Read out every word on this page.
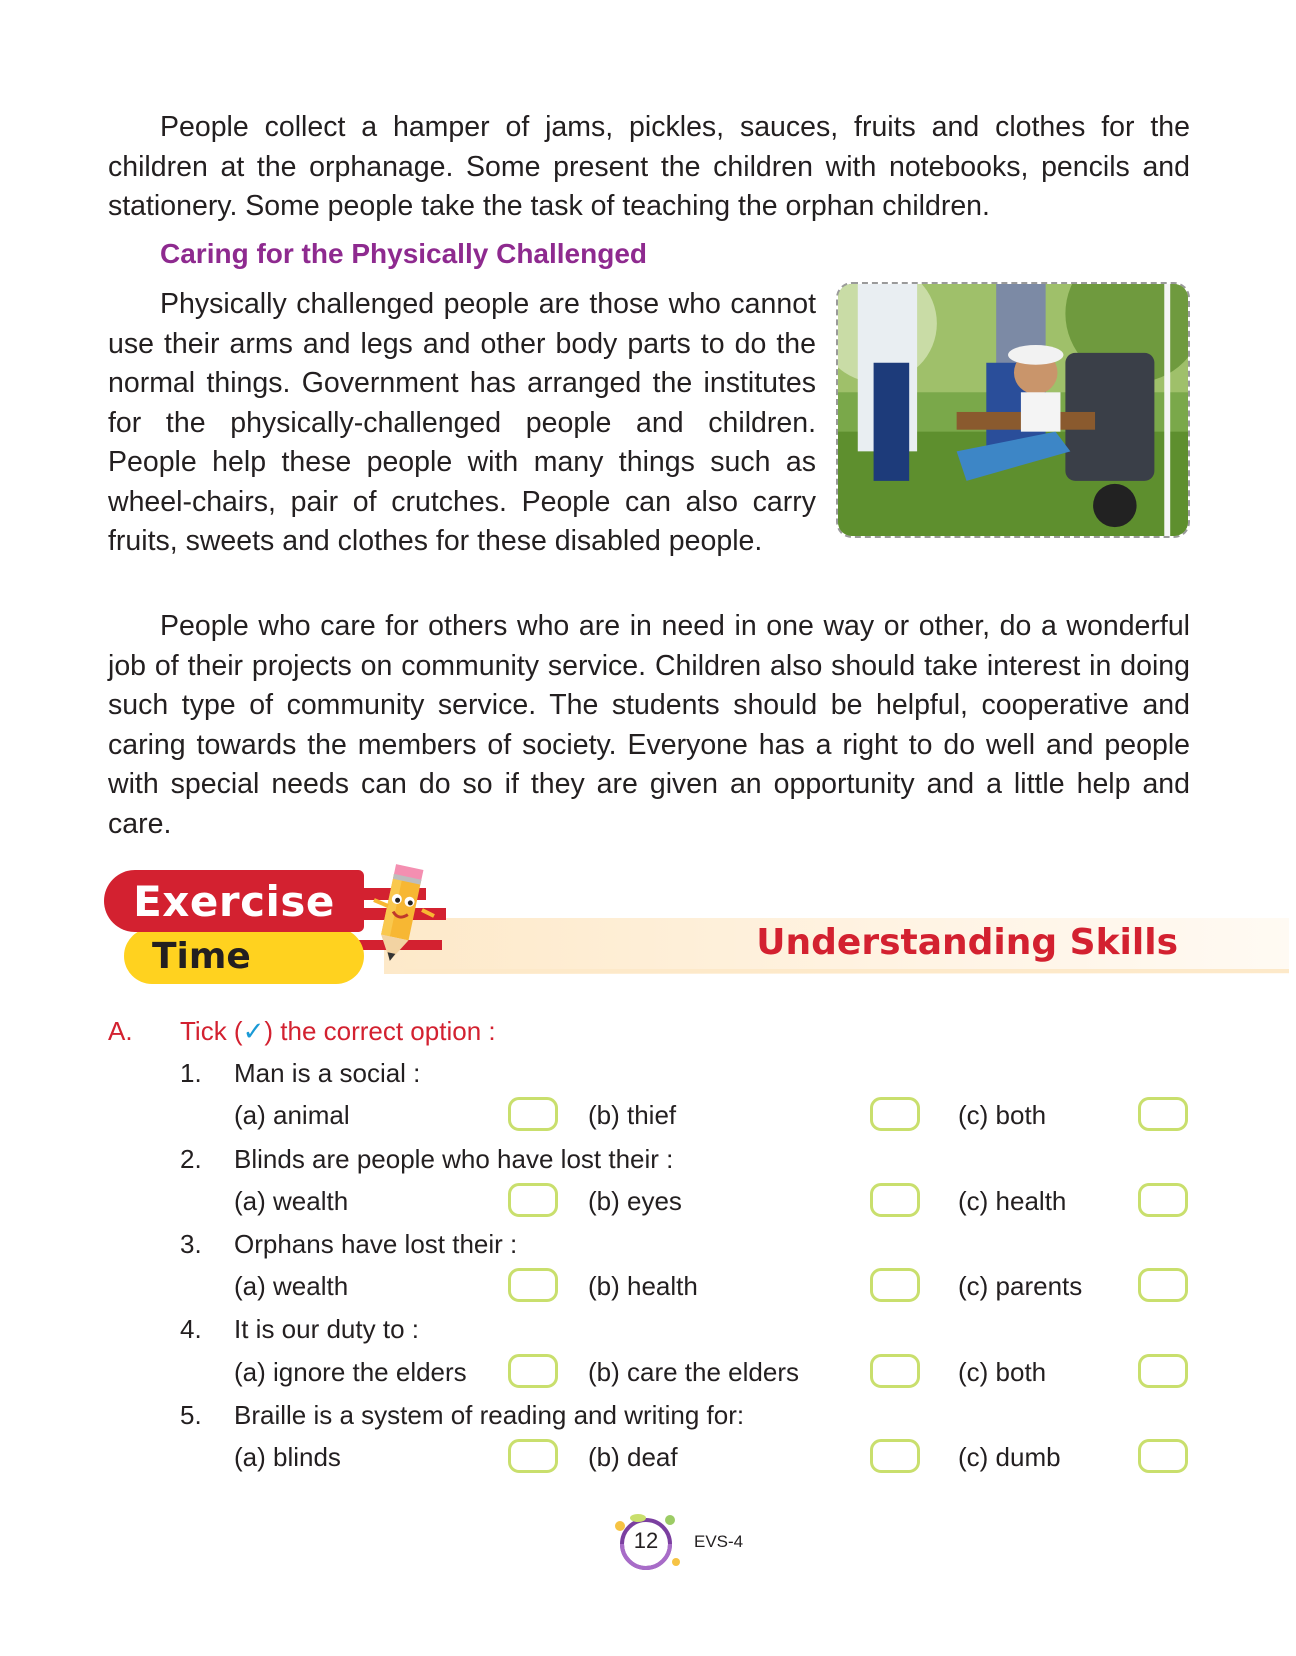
People collect a hamper of jams, pickles, sauces, fruits and clothes for the children at the orphanage. Some present the children with notebooks, pencils and stationery. Some people take the task of teaching the orphan children.

Caring for the Physically Challenged

Physically challenged people are those who cannot use their arms and legs and other body parts to do the normal things. Government has arranged the institutes for the physically-challenged people and children. People help these people with many things such as wheel-chairs, pair of crutches. People can also carry fruits, sweets and clothes for these disabled people.

People who care for others who are in need in one way or other, do a wonderful job of their projects on community service. Children also should take interest in doing such type of community service. The students should be helpful, cooperative and caring towards the members of society. Everyone has a right to do well and people with special needs can do so if they are given an opportunity and a little help and care.

Time
Exercise
Understanding Skills

A. Tick (✓) the correct option :

1. Man is a social :

(a) animal	(b) thief	(c) both

2. Blinds are people who have lost their :

(a) wealth	(b) eyes	(c) health

3. Orphans have lost their :

(a) wealth	(b) health	(c) parents

4. It is our duty to :

(a) ignore the elders	(b) care the elders	(c) both

5. Braille is a system of reading and writing for:

(a) blinds	(b) deaf	(c) dumb

12	EVS-4
